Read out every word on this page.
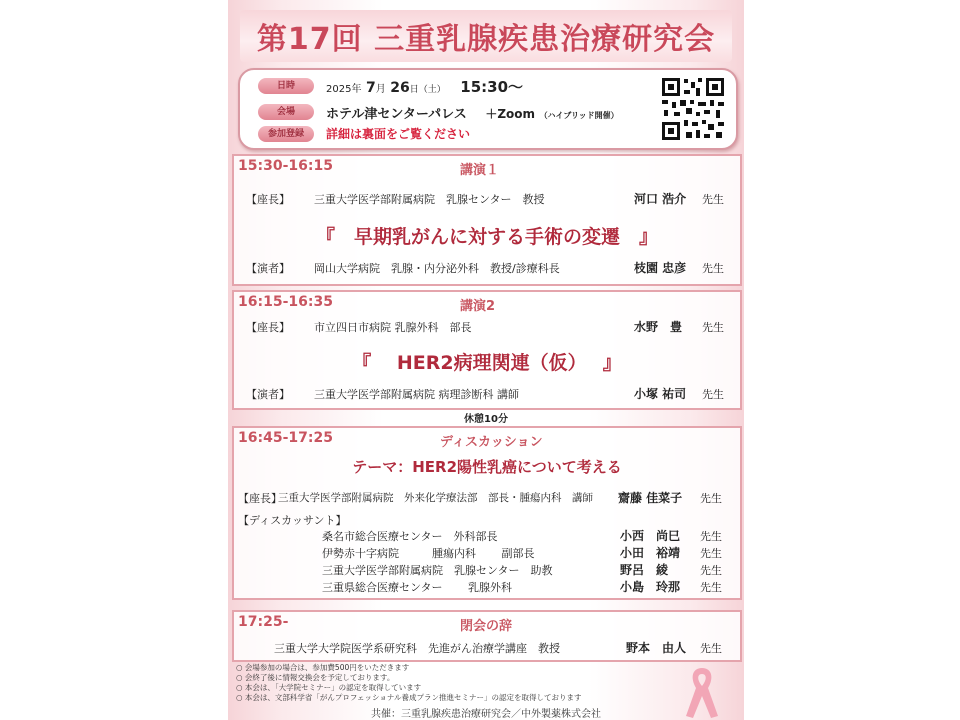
第17回 三重乳腺疾患治療研究会
日時	2025年 7月 26日（土） 15:30～
会場	ホテル津センターパレス ＋Zoom （ハイブリッド開催）
参加登録	詳細は裏面をご覧ください
15:30-16:15	講演１
【座長】 三重大学医学部附属病院　乳腺センター　教授	河口 浩介 先生
『　早期乳がんに対する手術の変遷　』
【演者】 岡山大学病院　乳腺・内分泌外科　教授/診療科長	枝園 忠彦 先生
16:15-16:35	講演2
【座長】 市立四日市病院 乳腺外科　部長	水野　豊 先生
『　 HER2病理関連（仮）　 』
【演者】 三重大学医学部附属病院 病理診断科 講師	小塚 祐司 先生
休憩10分
16:45-17:25	ディスカッション
テーマ：HER2陽性乳癌について考える
【座長】
三重大学医学部附属病院　外来化学療法部　部長・腫瘍内科　講師 齋藤 佳菜子 先生
【ディスカッサント】
桑名市総合医療センター　外科部長	小西　尚巳 先生
伊勢赤十字病院　　　腫瘍内科　　 副部長	小田　裕靖 先生
三重大学医学部附属病院　乳腺センター　助教	野呂　綾	先生
三重県総合医療センター　　 乳腺外科	小島　玲那 先生
17:25-	閉会の辞
三重大学大学院医学系研究科　先進がん治療学講座　教授	野本　由人 先生
○ 会場参加の場合は、参加費500円をいただきます
○ 会終了後に情報交換会を予定しております。
○ 本会は、「大学院セミナー」の認定を取得しています
○ 本会は、文部科学省「がんプロフェッショナル養成プラン推進セミナー」の認定を取得しております
共催：三重乳腺疾患治療研究会／中外製薬株式会社
